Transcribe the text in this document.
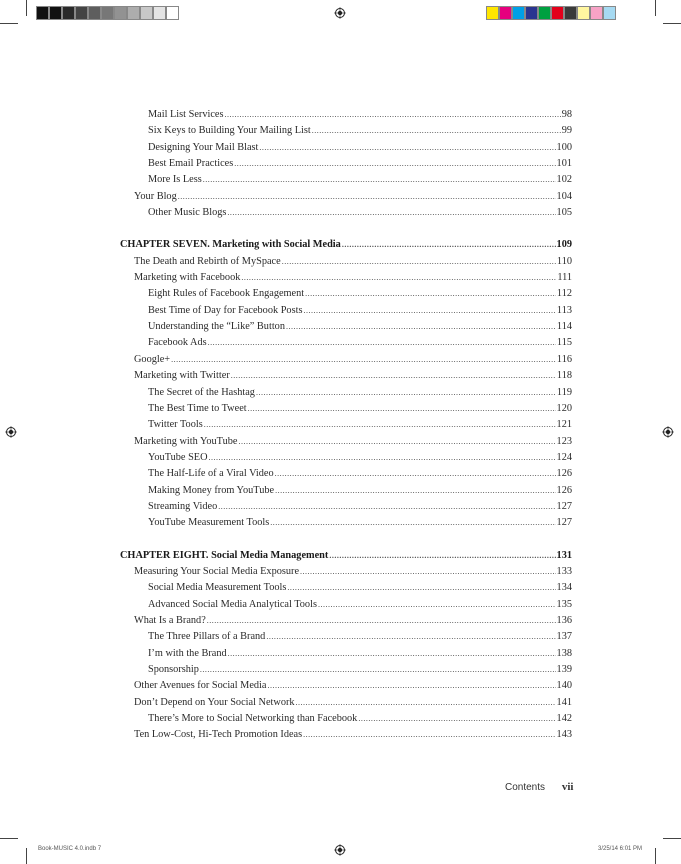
Mail List Services .....	98
Six Keys to Building Your Mailing List .....	99
Designing Your Mail Blast .....	100
Best Email Practices .....	101
More Is Less .....	102
Your Blog .....	104
Other Music Blogs .....	105
CHAPTER SEVEN. Marketing with Social Media .....	109
The Death and Rebirth of MySpace .....	110
Marketing with Facebook .....	111
Eight Rules of Facebook Engagement .....	112
Best Time of Day for Facebook Posts .....	113
Understanding the “Like” Button .....	114
Facebook Ads .....	115
Google+ .....	116
Marketing with Twitter .....	118
The Secret of the Hashtag .....	119
The Best Time to Tweet .....	120
Twitter Tools .....	121
Marketing with YouTube .....	123
YouTube SEO .....	124
The Half-Life of a Viral Video .....	126
Making Money from YouTube .....	126
Streaming Video .....	127
YouTube Measurement Tools .....	127
CHAPTER EIGHT. Social Media Management .....	131
Measuring Your Social Media Exposure .....	133
Social Media Measurement Tools .....	134
Advanced Social Media Analytical Tools .....	135
What Is a Brand? .....	136
The Three Pillars of a Brand .....	137
I’m with the Brand .....	138
Sponsorship .....	139
Other Avenues for Social Media .....	140
Don’t Depend on Your Social Network .....	141
There’s More to Social Networking than Facebook .....	142
Ten Low-Cost, Hi-Tech Promotion Ideas .....	143
Contents vii
Book-MUSIC 4.0.indb 7	3/25/14 6:01 PM
